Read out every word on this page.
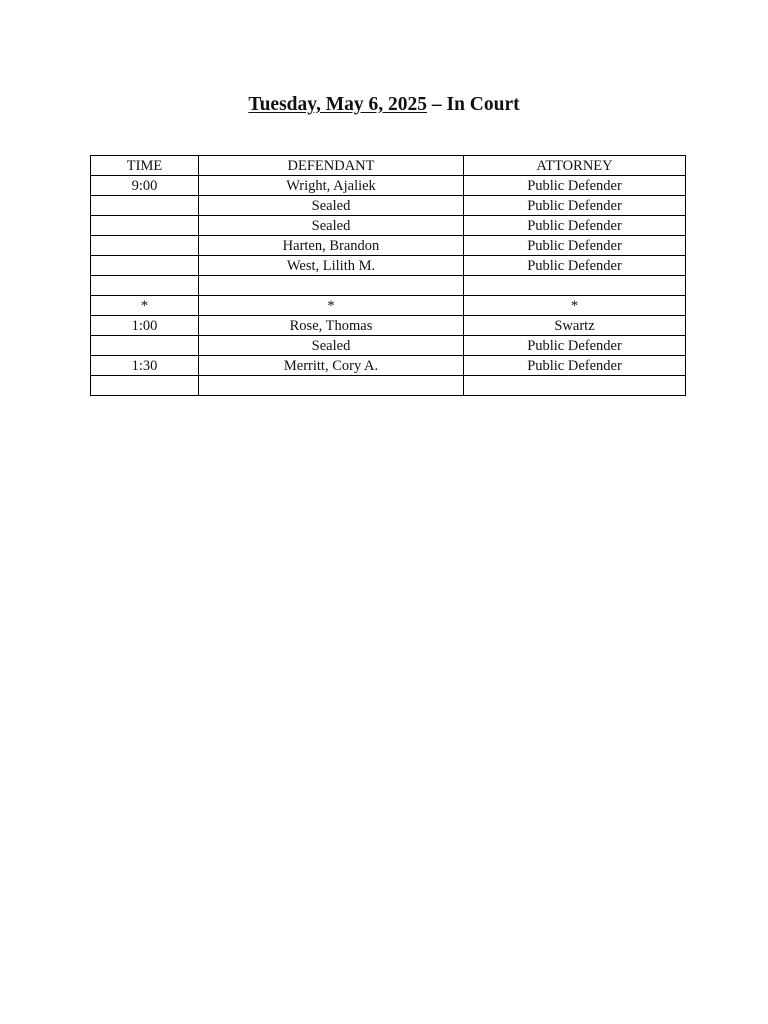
Tuesday, May 6, 2025 – In Court
TIME	DEFENDANT	ATTORNEY
9:00	Wright, Ajaliek	Public Defender
	Sealed	Public Defender
	Sealed	Public Defender
	Harten, Brandon	Public Defender
	West, Lilith M.	Public Defender

*	*	*
1:00	Rose, Thomas	Swartz
	Sealed	Public Defender
1:30	Merritt, Cory A.	Public Defender
